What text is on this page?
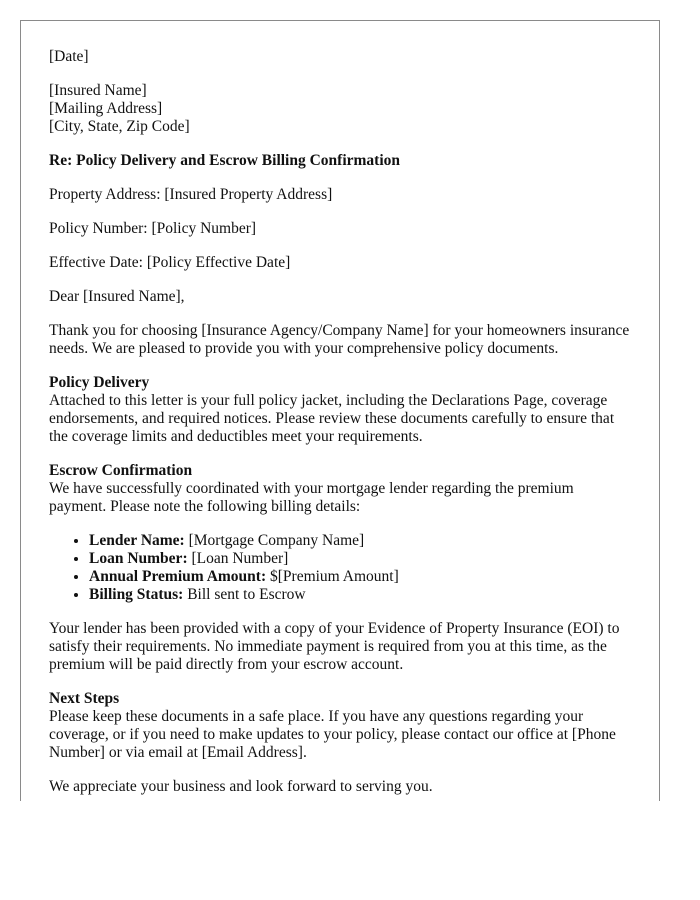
[Date]

[Insured Name]
[Mailing Address]
[City, State, Zip Code]

Re: Policy Delivery and Escrow Billing Confirmation

Property Address: [Insured Property Address]

Policy Number: [Policy Number]

Effective Date: [Policy Effective Date]

Dear [Insured Name],

Thank you for choosing [Insurance Agency/Company Name] for your homeowners insurance needs. We are pleased to provide you with your comprehensive policy documents.

Policy Delivery
Attached to this letter is your full policy jacket, including the Declarations Page, coverage endorsements, and required notices. Please review these documents carefully to ensure that the coverage limits and deductibles meet your requirements.

Escrow Confirmation
We have successfully coordinated with your mortgage lender regarding the premium payment. Please note the following billing details:

• Lender Name: [Mortgage Company Name]
• Loan Number: [Loan Number]
• Annual Premium Amount: $[Premium Amount]
• Billing Status: Bill sent to Escrow

Your lender has been provided with a copy of your Evidence of Property Insurance (EOI) to satisfy their requirements. No immediate payment is required from you at this time, as the premium will be paid directly from your escrow account.

Next Steps
Please keep these documents in a safe place. If you have any questions regarding your coverage, or if you need to make updates to your policy, please contact our office at [Phone Number] or via email at [Email Address].

We appreciate your business and look forward to serving you.
